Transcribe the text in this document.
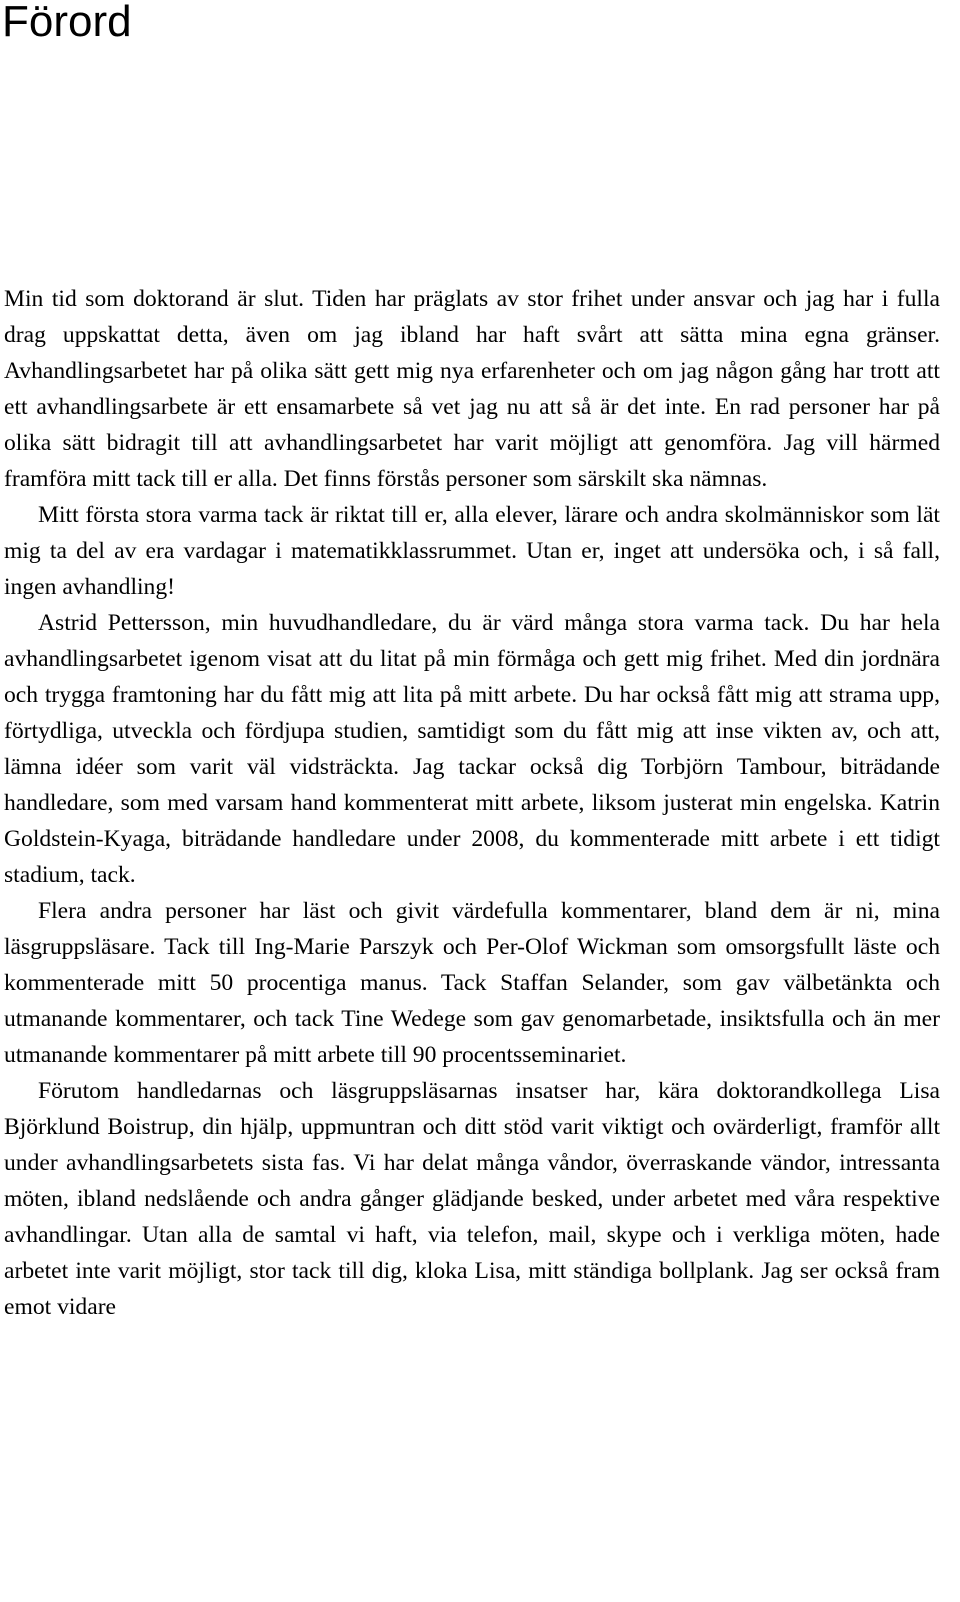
Förord

Min tid som doktorand är slut. Tiden har präglats av stor frihet under ansvar och jag har i fulla drag uppskattat detta, även om jag ibland har haft svårt att sätta mina egna gränser. Avhandlingsarbetet har på olika sätt gett mig nya erfarenheter och om jag någon gång har trott att ett avhandlingsarbete är ett ensamarbete så vet jag nu att så är det inte. En rad personer har på olika sätt bidragit till att avhandlingsarbetet har varit möjligt att genomföra. Jag vill härmed framföra mitt tack till er alla. Det finns förstås personer som särskilt ska nämnas.

Mitt första stora varma tack är riktat till er, alla elever, lärare och andra skolmänniskor som lät mig ta del av era vardagar i matematikklassrummet. Utan er, inget att undersöka och, i så fall, ingen avhandling!

Astrid Pettersson, min huvudhandledare, du är värd många stora varma tack. Du har hela avhandlingsarbetet igenom visat att du litat på min förmåga och gett mig frihet. Med din jordnära och trygga framtoning har du fått mig att lita på mitt arbete. Du har också fått mig att strama upp, förtydliga, utveckla och fördjupa studien, samtidigt som du fått mig att inse vikten av, och att, lämna idéer som varit väl vidsträckta. Jag tackar också dig Torbjörn Tambour, biträdande handledare, som med varsam hand kommenterat mitt arbete, liksom justerat min engelska. Katrin Goldstein-Kyaga, biträdande handledare under 2008, du kommenterade mitt arbete i ett tidigt stadium, tack.

Flera andra personer har läst och givit värdefulla kommentarer, bland dem är ni, mina läsgruppsläsare. Tack till Ing-Marie Parszyk och Per-Olof Wickman som omsorgsfullt läste och kommenterade mitt 50 procentiga manus. Tack Staffan Selander, som gav välbetänkta och utmanande kommentarer, och tack Tine Wedege som gav genomarbetade, insiktsfulla och än mer utmanande kommentarer på mitt arbete till 90 procentsseminariet.

Förutom handledarnas och läsgruppsläsarnas insatser har, kära doktorandkollega Lisa Björklund Boistrup, din hjälp, uppmuntran och ditt stöd varit viktigt och ovärderligt, framför allt under avhandlingsarbetets sista fas. Vi har delat många våndor, överraskande vändor, intressanta möten, ibland nedslående och andra gånger glädjande besked, under arbetet med våra respektive avhandlingar. Utan alla de samtal vi haft, via telefon, mail, skype och i verkliga möten, hade arbetet inte varit möjligt, stor tack till dig, kloka Lisa, mitt ständiga bollplank. Jag ser också fram emot vidare
